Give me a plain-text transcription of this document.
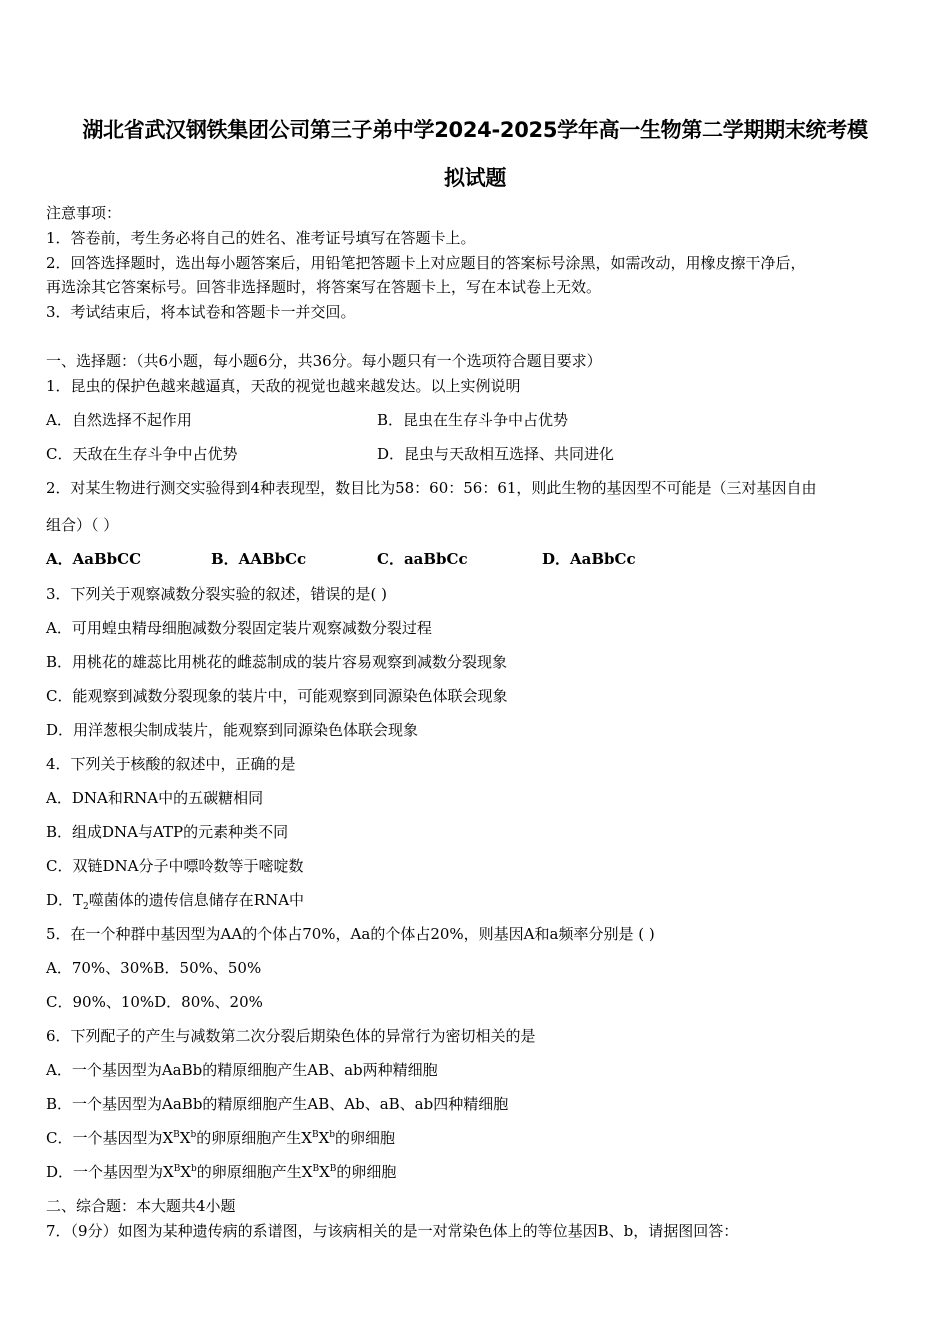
湖北省武汉钢铁集团公司第三子弟中学2024-2025学年高一生物第二学期期末统考模
拟试题
注意事项：
1．答卷前，考生务必将自己的姓名、准考证号填写在答题卡上。
2．回答选择题时，选出每小题答案后，用铅笔把答题卡上对应题目的答案标号涂黑，如需改动，用橡皮擦干净后，
再选涂其它答案标号。回答非选择题时，将答案写在答题卡上，写在本试卷上无效。
3．考试结束后，将本试卷和答题卡一并交回。
一、选择题：（共6小题，每小题6分，共36分。每小题只有一个选项符合题目要求）
1．昆虫的保护色越来越逼真，天敌的视觉也越来越发达。以上实例说明
A．自然选择不起作用	B．昆虫在生存斗争中占优势
C．天敌在生存斗争中占优势	D．昆虫与天敌相互选择、共同进化
2．对某生物进行测交实验得到4种表现型，数目比为58：60：56：61，则此生物的基因型不可能是（三对基因自由
组合）（ ）
A．AaBbCC	B．AABbCc	C．aaBbCc	D．AaBbCc
3．下列关于观察减数分裂实验的叙述，错误的是( )
A．可用蝗虫精母细胞减数分裂固定装片观察减数分裂过程
B．用桃花的雄蕊比用桃花的雌蕊制成的装片容易观察到减数分裂现象
C．能观察到减数分裂现象的装片中，可能观察到同源染色体联会现象
D．用洋葱根尖制成装片，能观察到同源染色体联会现象
4．下列关于核酸的叙述中，正确的是
A．DNA和RNA中的五碳糖相同
B．组成DNA与ATP的元素种类不同
C．双链DNA分子中嘌呤数等于嘧啶数
D．$T_2$噬菌体的遗传信息储存在RNA中
5．在一个种群中基因型为AA的个体占70%，Aa的个体占20%，则基因A和a频率分别是 ( )
A．70%、30%B．50%、50%
C．90%、10%D．80%、20%
6．下列配子的产生与减数第二次分裂后期染色体的异常行为密切相关的是
A．一个基因型为AaBb的精原细胞产生AB、ab两种精细胞
B．一个基因型为AaBb的精原细胞产生AB、Ab、aB、ab四种精细胞
C．一个基因型为$X^BX^b$的卵原细胞产生$X^BX^b$的卵细胞
D．一个基因型为$X^BX^b$的卵原细胞产生$X^BX^B$的卵细胞
二、综合题：本大题共4小题
7．（9分）如图为某种遗传病的系谱图，与该病相关的是一对常染色体上的等位基因B、b，请据图回答：
